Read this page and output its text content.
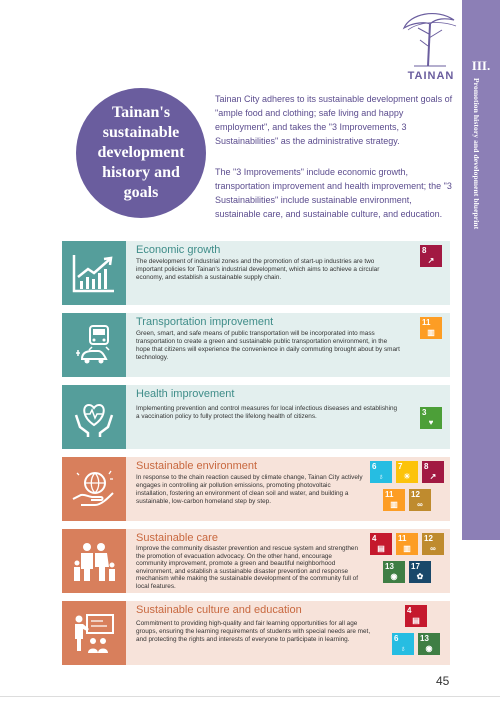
III.
Promotion history and development blueprint
TAINAN
Tainan's sustainable development history and goals
Tainan City adheres to its sustainable development goals of "ample food and clothing; safe living and happy employment", and takes the "3 Improvements, 3 Sustainabilities" as the administrative strategy.
The "3 Improvements" include economic growth, transportation improvement and health improvement; the "3 Sustainabilities" include sustainable environment, sustainable care, and sustainable culture, and education.
Economic growth
The development of industrial zones and the promotion of start-up industries are two important policies for Tainan's industrial development, which aims to achieve a circular economy, and establish a sustainable supply chain.
8
↗
Transportation improvement
Green, smart, and safe means of public transportation will be incorporated into mass transportation to create a green and sustainable public transportation environment, in the hope that citizens will experience the convenience in daily commuting brought about by smart technology.
11
▥
Health improvement
Implementing prevention and control measures for local infectious diseases and establishing a vaccination policy to fully protect the lifelong health of citizens.	3
♥
Sustainable environment
In response to the chain reaction caused by climate change, Tainan City actively engages in controlling air pollution emissions, promoting photovoltaic installation, fostering an environment of clean soil and water, and building a sustainable, low-carbon homeland step by step.
6
♁
7
☀
8
↗
11
▥
12
∞
Sustainable care
Improve the community disaster prevention and rescue system and strengthen the promotion of evacuation advocacy. On the other hand, encourage community improvement, promote a green and beautiful neighborhood environment, and establish a sustainable disaster prevention and response mechanism while making the sustainable development of the community full of local features.
4
▤
11
▥
12
∞
13
◉
17
✿
Sustainable culture and education
Commitment to providing high-quality and fair learning opportunities for all age groups, ensuring the learning requirements of students with special needs are met, and protecting the rights and interests of everyone to participate in learning.
4
▤
6
♁
13
◉
45
